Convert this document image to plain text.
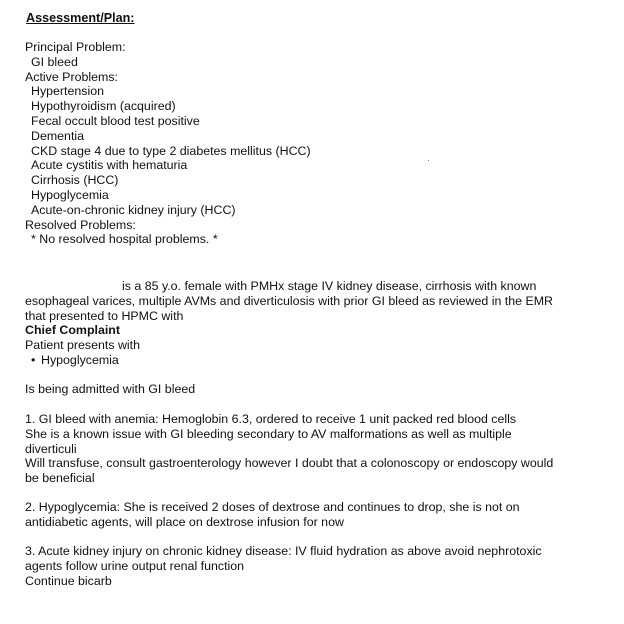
Assessment/Plan:
Principal Problem:
GI bleed
Active Problems:
Hypertension
Hypothyroidism (acquired)
Fecal occult blood test positive
Dementia
CKD stage 4 due to type 2 diabetes mellitus (HCC)
Acute cystitis with hematuria
Cirrhosis (HCC)
Hypoglycemia
Acute-on-chronic kidney injury (HCC)
Resolved Problems:
* No resolved hospital problems. *
is a 85 y.o. female with PMHx stage IV kidney disease, cirrhosis with known
esophageal varices, multiple AVMs and diverticulosis with prior GI bleed as reviewed in the EMR
that presented to HPMC with
Chief Complaint
Patient presents with
• Hypoglycemia
Is being admitted with GI bleed
1. GI bleed with anemia: Hemoglobin 6.3, ordered to receive 1 unit packed red blood cells
She is a known issue with GI bleeding secondary to AV malformations as well as multiple
diverticuli
Will transfuse, consult gastroenterology however I doubt that a colonoscopy or endoscopy would
be beneficial
2. Hypoglycemia: She is received 2 doses of dextrose and continues to drop, she is not on
antidiabetic agents, will place on dextrose infusion for now
3. Acute kidney injury on chronic kidney disease: IV fluid hydration as above avoid nephrotoxic
agents follow urine output renal function
Continue bicarb
